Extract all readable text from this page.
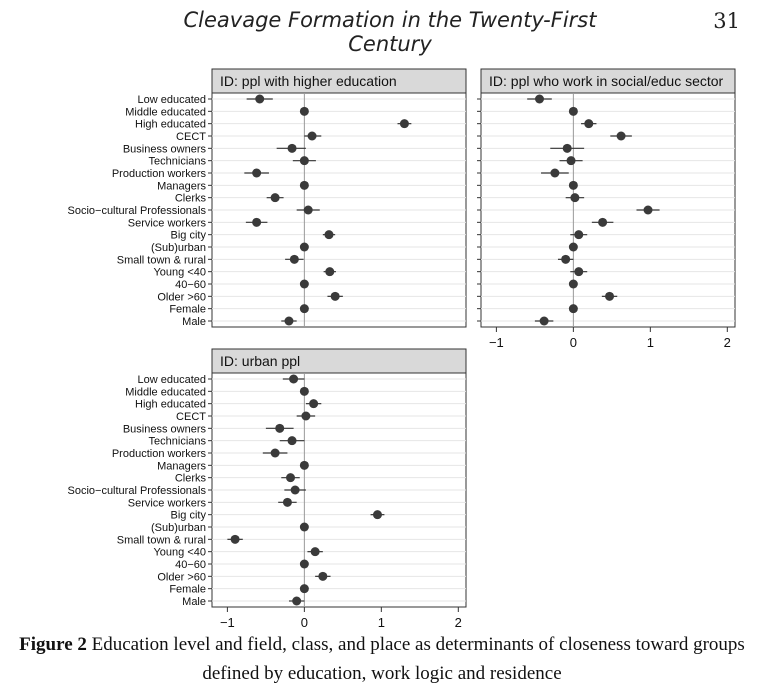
Cleavage Formation in the Twenty-First Century
31
ID: ppl with higher education
Low educated
Middle educated
High educated
CECT
Business owners
Technicians
Production workers
Managers
Clerks
Socio−cultural Professionals
Service workers
Big city
(Sub)urban
Small town & rural
Young <40
40−60
Older >60
Female
Male
ID: ppl who work in social/educ sector
−1	0	1	2
ID: urban ppl
Low educated
Middle educated
High educated
CECT
Business owners
Technicians
Production workers
Managers
Clerks
Socio−cultural Professionals
Service workers
Big city
(Sub)urban
Small town & rural
Young <40
40−60
Older >60
Female
Male
−1	0	1	2
Figure 2 Education level and field, class, and place as determinants of closeness toward groups defined by education, work logic and residence
